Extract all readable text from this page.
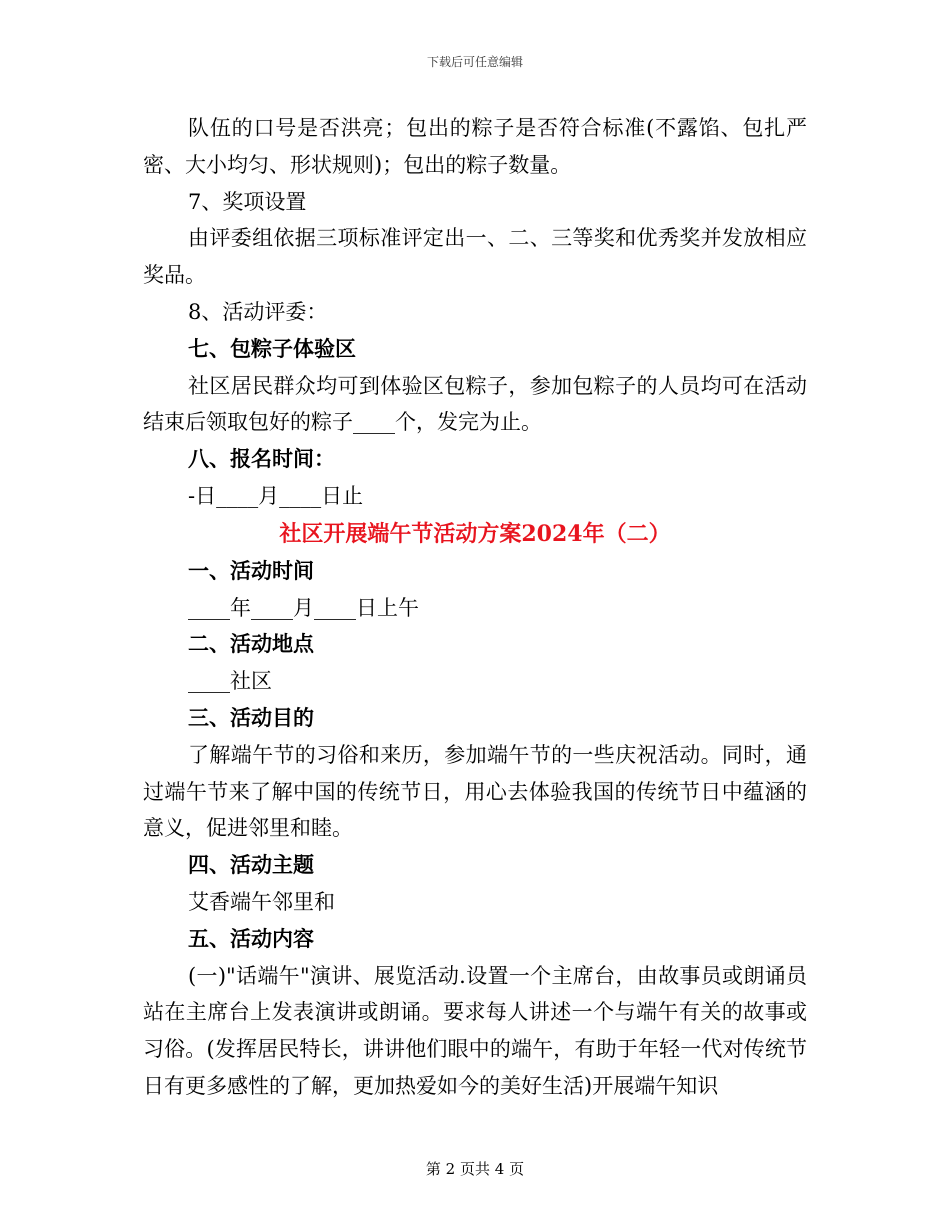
下载后可任意编辑
队伍的口号是否洪亮；包出的粽子是否符合标准(不露馅、包扎严密、大小均匀、形状规则)；包出的粽子数量。
7、奖项设置
由评委组依据三项标准评定出一、二、三等奖和优秀奖并发放相应奖品。
8、活动评委：
七、包粽子体验区
社区居民群众均可到体验区包粽子，参加包粽子的人员均可在活动结束后领取包好的粽子____个，发完为止。
八、报名时间：
-日____月____日止
社区开展端午节活动方案2024年（二）
一、活动时间
____年____月____日上午
二、活动地点
____社区
三、活动目的
了解端午节的习俗和来历，参加端午节的一些庆祝活动。同时，通过端午节来了解中国的传统节日，用心去体验我国的传统节日中蕴涵的意义，促进邻里和睦。
四、活动主题
艾香端午邻里和
五、活动内容
(一)"话端午"演讲、展览活动.设置一个主席台，由故事员或朗诵员站在主席台上发表演讲或朗诵。要求每人讲述一个与端午有关的故事或习俗。(发挥居民特长，讲讲他们眼中的端午，有助于年轻一代对传统节日有更多感性的了解，更加热爱如今的美好生活)开展端午知识
第 2 页共 4 页
